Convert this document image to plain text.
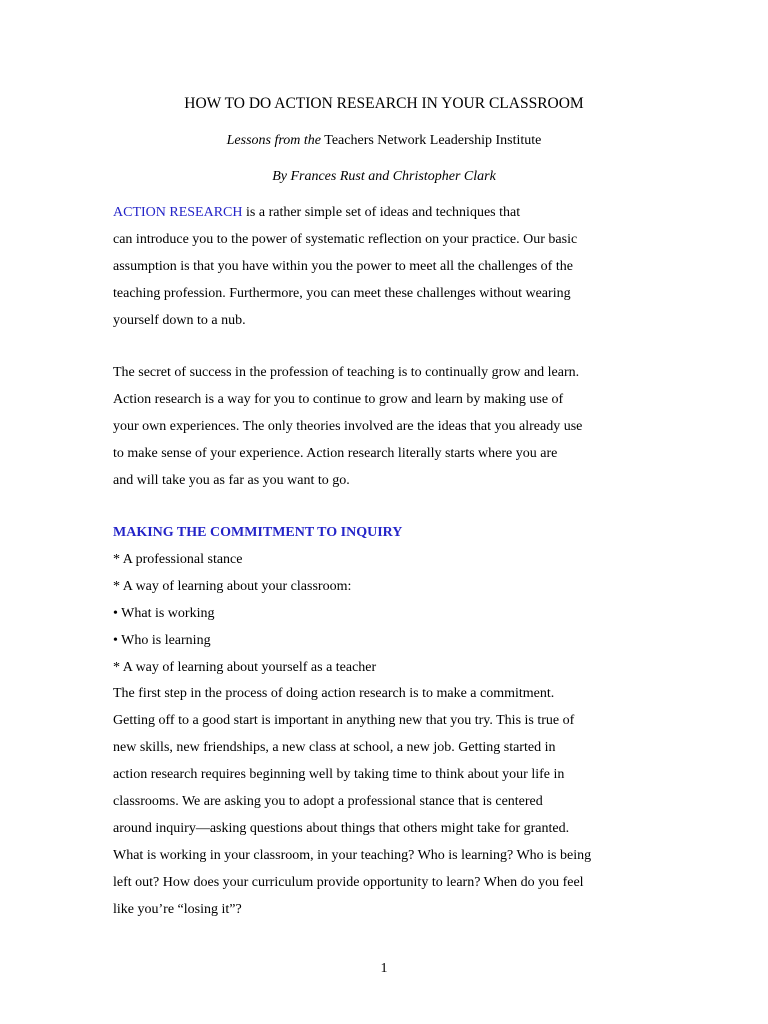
HOW TO DO ACTION RESEARCH IN YOUR CLASSROOM

Lessons from the Teachers Network Leadership Institute

By Frances Rust and Christopher Clark

ACTION RESEARCH is a rather simple set of ideas and techniques that

can introduce you to the power of systematic reflection on your practice. Our basic

assumption is that you have within you the power to meet all the challenges of the

teaching profession. Furthermore, you can meet these challenges without wearing

yourself down to a nub.

The secret of success in the profession of teaching is to continually grow and learn.

Action research is a way for you to continue to grow and learn by making use of

your own experiences. The only theories involved are the ideas that you already use

to make sense of your experience. Action research literally starts where you are

and will take you as far as you want to go.

MAKING THE COMMITMENT TO INQUIRY

* A professional stance

* A way of learning about your classroom:

• What is working

• Who is learning

* A way of learning about yourself as a teacher

The first step in the process of doing action research is to make a commitment.

Getting off to a good start is important in anything new that you try. This is true of

new skills, new friendships, a new class at school, a new job. Getting started in

action research requires beginning well by taking time to think about your life in

classrooms. We are asking you to adopt a professional stance that is centered

around inquiry—asking questions about things that others might take for granted.

What is working in your classroom, in your teaching? Who is learning? Who is being

left out? How does your curriculum provide opportunity to learn? When do you feel

like you’re “losing it”?

1
